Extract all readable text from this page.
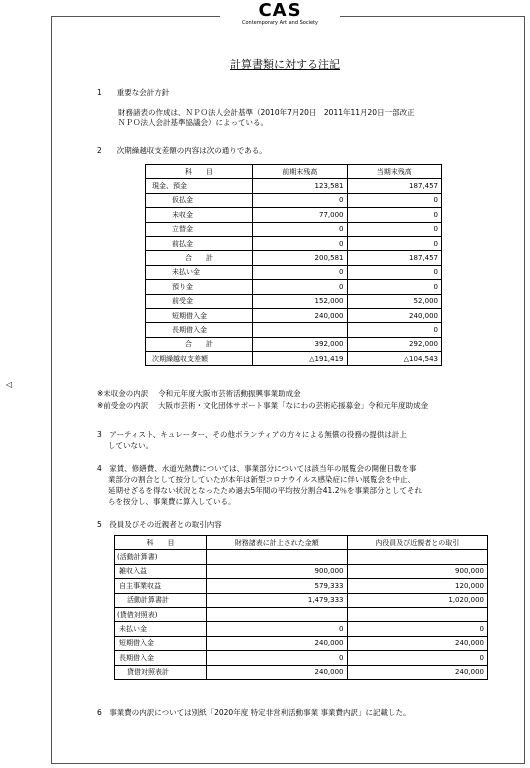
CAS
Contemporary Art and Society
計算書類に対する注記
1　　重要な会計方針
財務諸表の作成は、ＮＰＯ法人会計基準（2010年7月20日　2011年11月20日一部改正
ＮＰＯ法人会計基準協議会）によっている。
2　　次期繰越収支差額の内容は次の通りである。
科　　目	前期末残高	当期末残高
現金、預金	123,581	187,457
仮払金	0	0
未収金	77,000	0
立替金	0	0
前払金	0	0
合　　計	200,581	187,457
未払い金	0	0
預り金	0	0
前受金	152,000	52,000
短期借入金	240,000	240,000
長期借入金		0
合　　計	392,000	292,000
次期繰越収支差額	△191,419	△104,543
◁
※未収金の内訳　 令和元年度大阪市芸術活動振興事業助成金
※前受金の内訳　 大阪市芸術・文化団体サポート事業「なにわの芸術応援募金」令和元年度助成金
3　アーティスト、キュレーター、その他ボランティアの方々による無償の役務の提供は計上
していない。
4　家賃、修繕費、水道光熱費については、事業部分については該当年の展覧会の開催日数を事
業部分の割合として按分していたが本年は新型コロナウイルス感染症に伴い展覧会を中止、
延期せざるを得ない状況となったため過去5年間の平均按分割合41.2％を事業部分としてそれ
らを按分し、事業費に算入している。
5　役員及びその近親者との取引内容
科　　目	財務諸表に計上された金額	内役員及び近親者との取引
(活動計算書)		
雑収入益	900,000	900,000
自主事業収益	579,333	120,000
活動計算書計	1,479,333	1,020,000
(貸借対照表)		
未払い金	0	0
短期借入金	240,000	240,000
長期借入金	0	0
貸借対照表計	240,000	240,000
6　事業費の内訳については別紙「2020年度 特定非営利活動事業 事業費内訳」に記載した。
